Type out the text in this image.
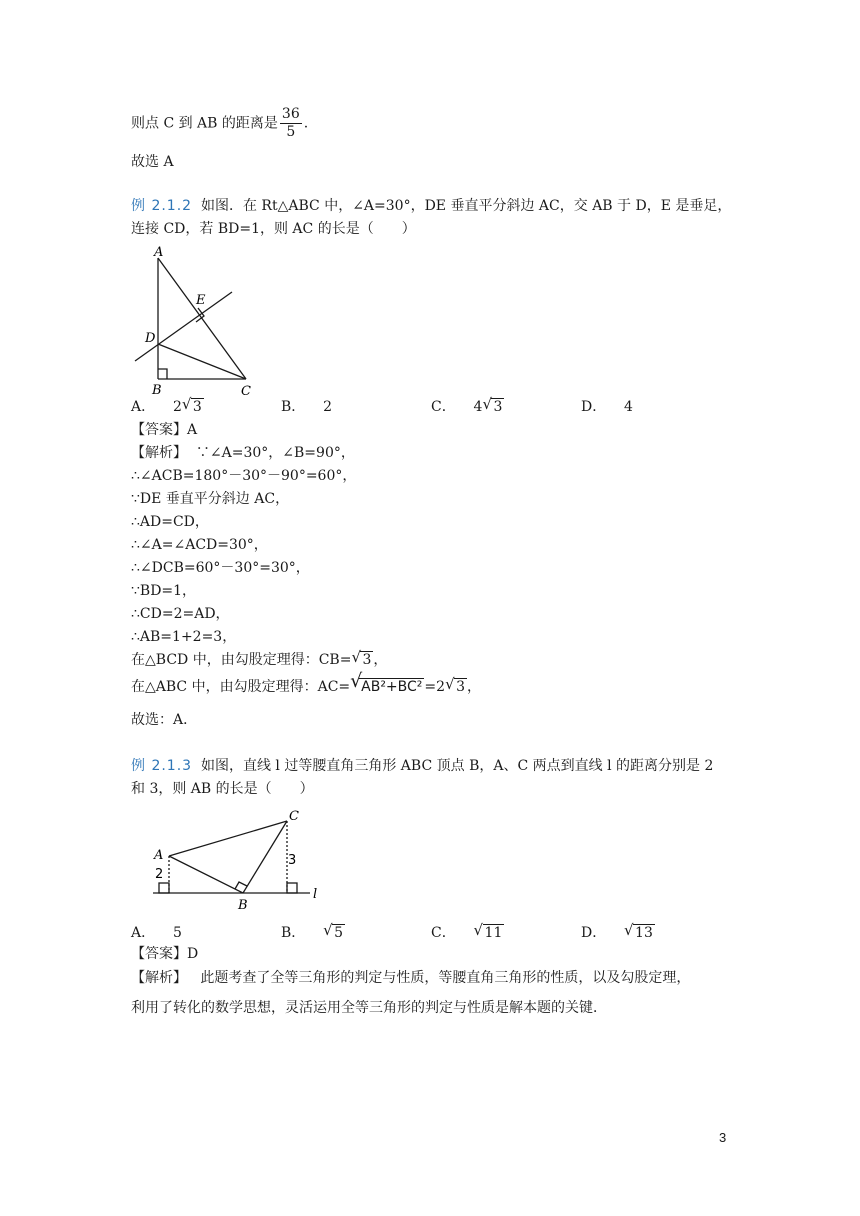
则点 C 到 AB 的距离是 $\frac{36}{5}$ .
故选 A
例 2.1.2 如图．在 Rt△ABC 中，∠A=30°，DE 垂直平分斜边 AC，交 AB 于 D，E 是垂足，
连接 CD，若 BD=1，则 AC 的长是（　　）
A
E
D
B	C
A． 2 √ 3	B． 2	C． 4 √ 3	D． 4
【答案】A
【解析】 ∵∠A=30°，∠B=90°，
∴∠ACB=180°－30°－90°=60°，
∵DE 垂直平分斜边 AC，
∴AD=CD，
∴∠A=∠ACD=30°，
∴∠DCB=60°－30°=30°，
∵BD=1，
∴CD=2=AD，
∴AB=1+2=3，
在△BCD 中，由勾股定理得：CB= √ 3 ，
在△ABC 中，由勾股定理得：AC= √
AB²+BC² =2 √ 3 ，
故选：A．
例 2.1.3 如图，直线 l 过等腰直角三角形 ABC 顶点 B，A、C 两点到直线 l 的距离分别是 2
和 3，则 AB 的长是（　　）
A
C
B
l
2
3
A． 5	B． √ 5	C． √ 11	D． √ 13
【答案】D
【解析】 此题考查了全等三角形的判定与性质，等腰直角三角形的性质，以及勾股定理，
利用了转化的数学思想，灵活运用全等三角形的判定与性质是解本题的关键．
3
